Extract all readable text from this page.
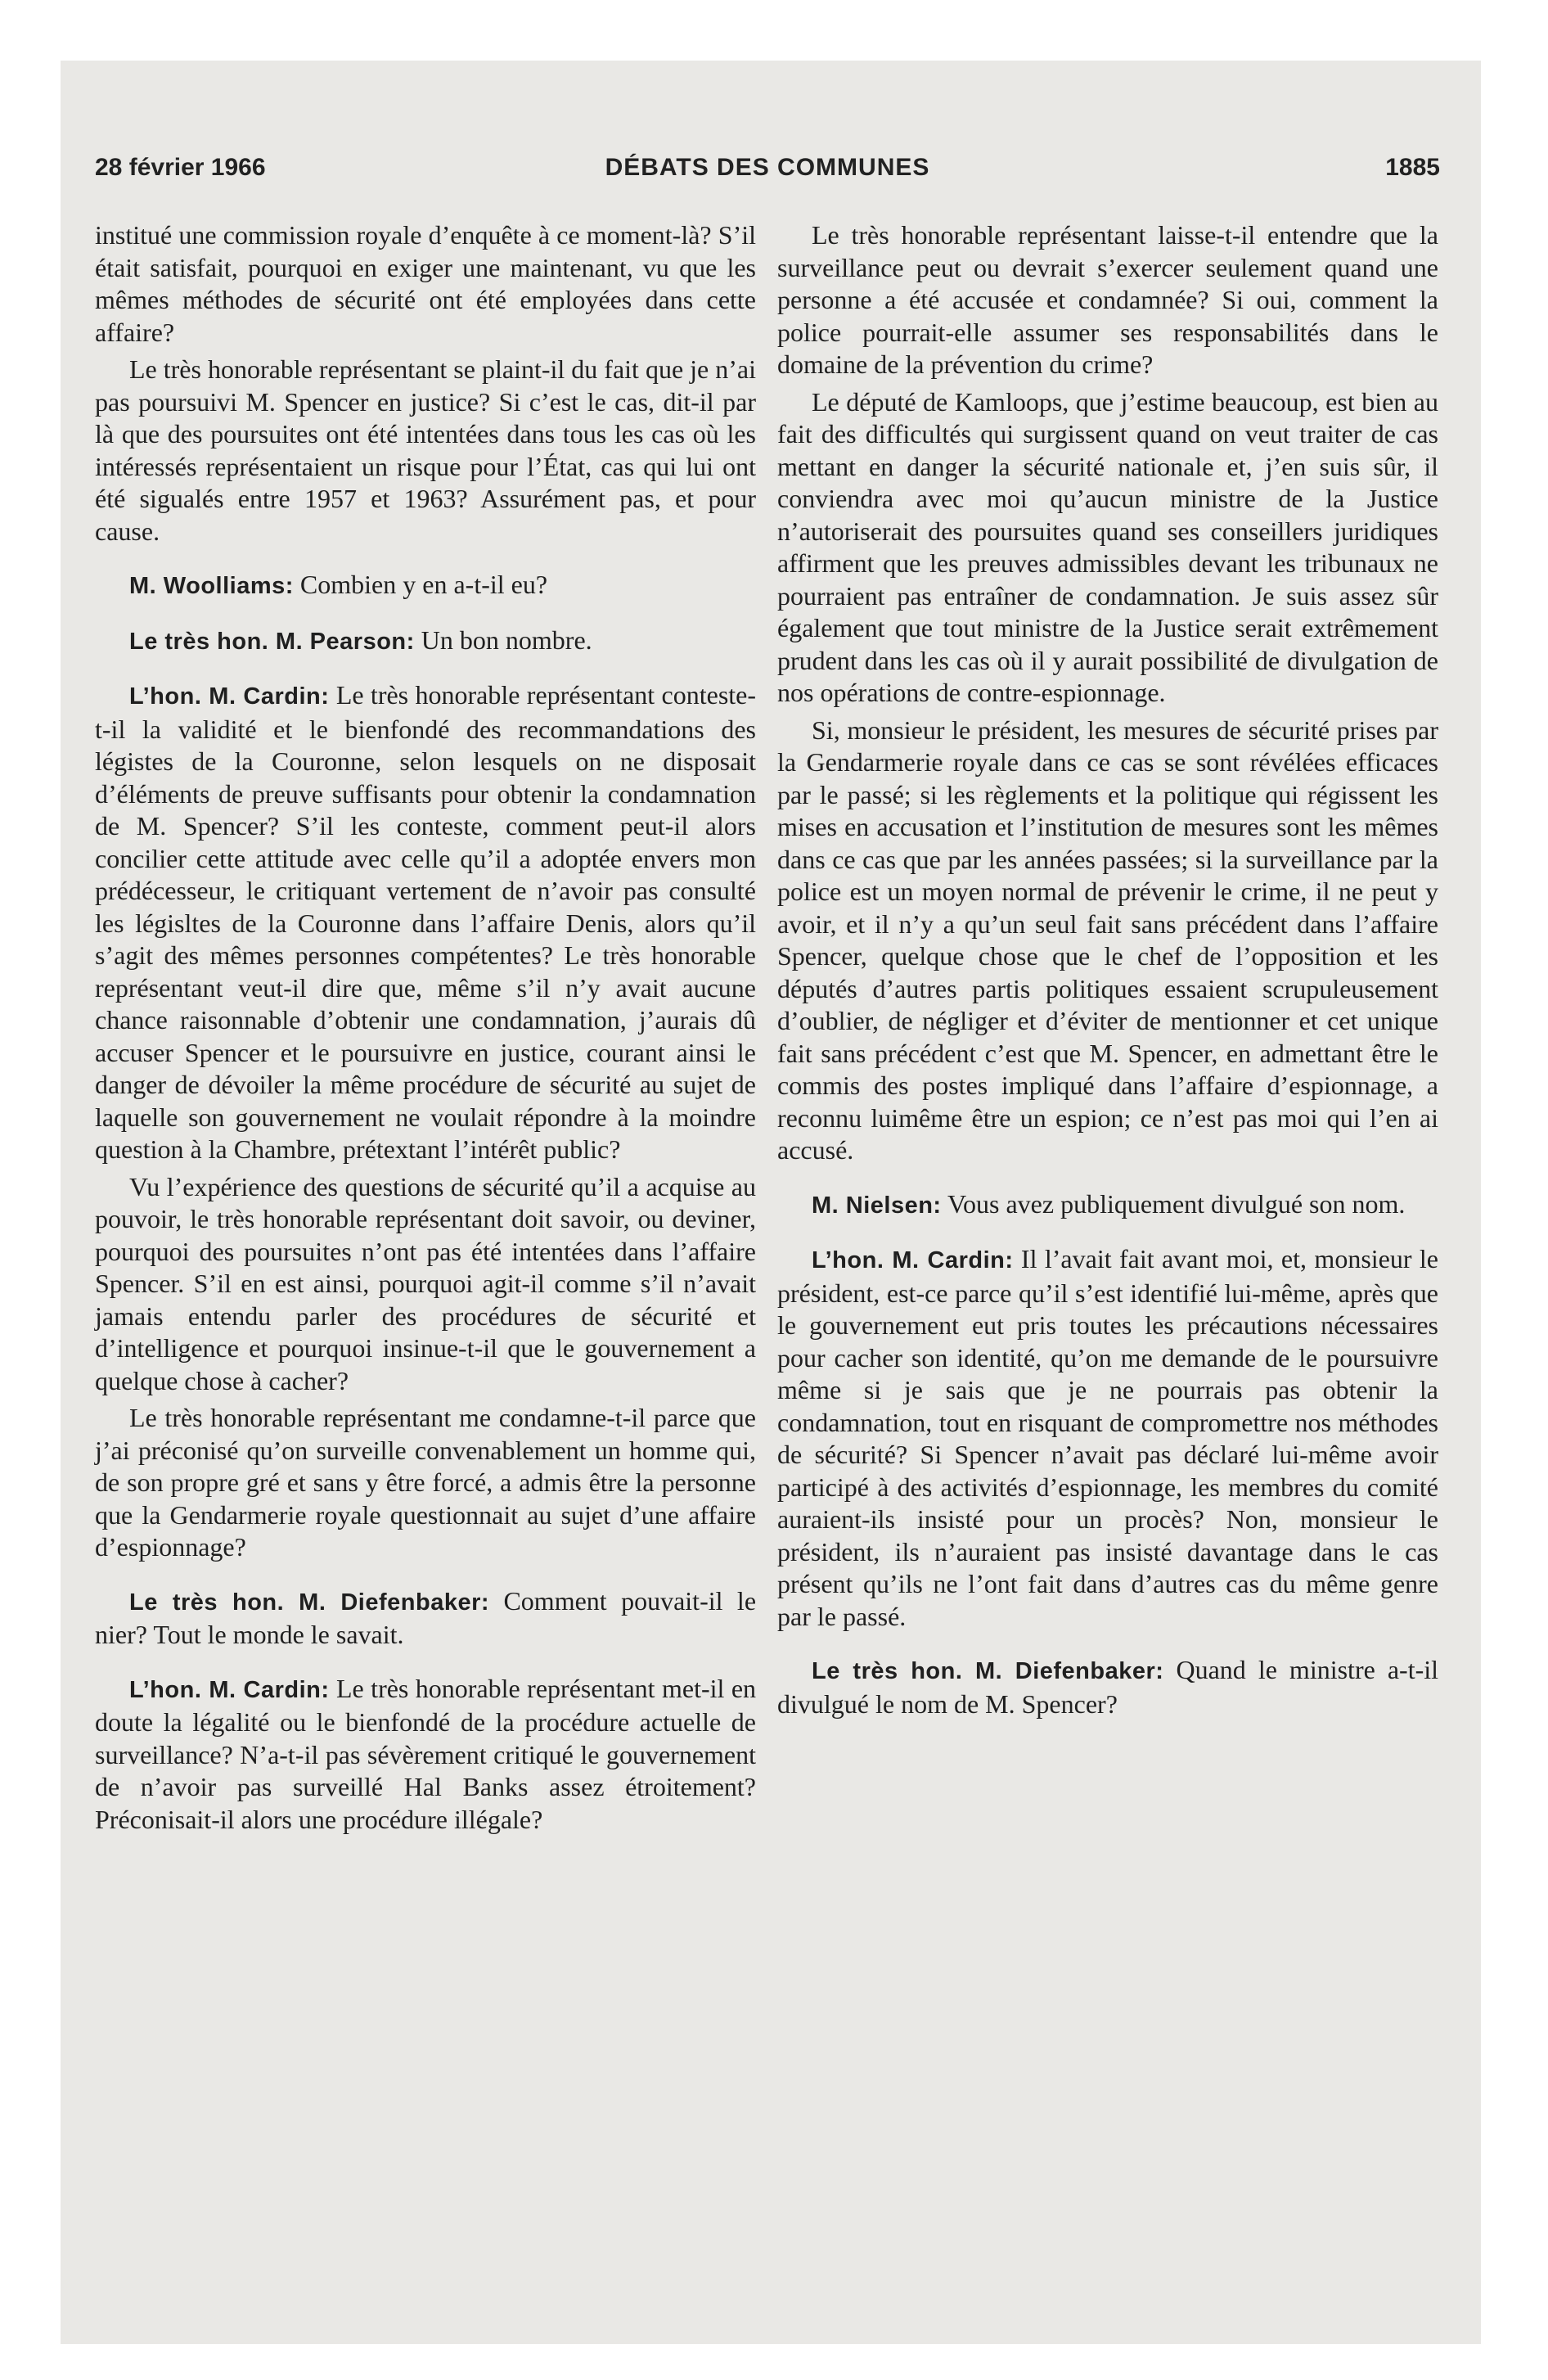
28 février 1966	DÉBATS DES COMMUNES	1885

institué une commission royale d’enquête à ce moment-là? S’il était satisfait, pourquoi en exiger une maintenant, vu que les mêmes méthodes de sécurité ont été employées dans cette affaire?

Le très honorable représentant se plaint-il du fait que je n’ai pas poursuivi M. Spencer en justice? Si c’est le cas, dit-il par là que des poursuites ont été intentées dans tous les cas où les intéressés représentaient un risque pour l’État, cas qui lui ont été sigualés entre 1957 et 1963? Assurément pas, et pour cause.

M. Woolliams: Combien y en a-t-il eu?

Le très hon. M. Pearson: Un bon nombre.

L’hon. M. Cardin: Le très honorable représentant conteste-t-il la validité et le bienfondé des recommandations des légistes de la Couronne, selon lesquels on ne disposait d’éléments de preuve suffisants pour obtenir la condamnation de M. Spencer? S’il les conteste, comment peut-il alors concilier cette attitude avec celle qu’il a adoptée envers mon prédécesseur, le critiquant vertement de n’avoir pas consulté les législtes de la Couronne dans l’affaire Denis, alors qu’il s’agit des mêmes personnes compétentes? Le très honorable représentant veut-il dire que, même s’il n’y avait aucune chance raisonnable d’obtenir une condamnation, j’aurais dû accuser Spencer et le poursuivre en justice, courant ainsi le danger de dévoiler la même procédure de sécurité au sujet de laquelle son gouvernement ne voulait répondre à la moindre question à la Chambre, prétextant l’intérêt public?

Vu l’expérience des questions de sécurité qu’il a acquise au pouvoir, le très honorable représentant doit savoir, ou deviner, pourquoi des poursuites n’ont pas été intentées dans l’affaire Spencer. S’il en est ainsi, pourquoi agit-il comme s’il n’avait jamais entendu parler des procédures de sécurité et d’intelligence et pourquoi insinue-t-il que le gouvernement a quelque chose à cacher?

Le très honorable représentant me condamne-t-il parce que j’ai préconisé qu’on surveille convenablement un homme qui, de son propre gré et sans y être forcé, a admis être la personne que la Gendarmerie royale questionnait au sujet d’une affaire d’espionnage?

Le très hon. M. Diefenbaker: Comment pouvait-il le nier? Tout le monde le savait.

L’hon. M. Cardin: Le très honorable représentant met-il en doute la légalité ou le bienfondé de la procédure actuelle de surveillance? N’a-t-il pas sévèrement critiqué le gouvernement de n’avoir pas surveillé Hal Banks assez étroitement? Préconisait-il alors une procédure illégale?

Le très honorable représentant laisse-t-il entendre que la surveillance peut ou devrait s’exercer seulement quand une personne a été accusée et condamnée? Si oui, comment la police pourrait-elle assumer ses responsabilités dans le domaine de la prévention du crime?

Le député de Kamloops, que j’estime beaucoup, est bien au fait des difficultés qui surgissent quand on veut traiter de cas mettant en danger la sécurité nationale et, j’en suis sûr, il conviendra avec moi qu’aucun ministre de la Justice n’autoriserait des poursuites quand ses conseillers juridiques affirment que les preuves admissibles devant les tribunaux ne pourraient pas entraîner de condamnation. Je suis assez sûr également que tout ministre de la Justice serait extrêmement prudent dans les cas où il y aurait possibilité de divulgation de nos opérations de contre-espionnage.

Si, monsieur le président, les mesures de sécurité prises par la Gendarmerie royale dans ce cas se sont révélées efficaces par le passé; si les règlements et la politique qui régissent les mises en accusation et l’institution de mesures sont les mêmes dans ce cas que par les années passées; si la surveillance par la police est un moyen normal de prévenir le crime, il ne peut y avoir, et il n’y a qu’un seul fait sans précédent dans l’affaire Spencer, quelque chose que le chef de l’opposition et les députés d’autres partis politiques essaient scrupuleusement d’oublier, de négliger et d’éviter de mentionner et cet unique fait sans précédent c’est que M. Spencer, en admettant être le commis des postes impliqué dans l’affaire d’espionnage, a reconnu luimême être un espion; ce n’est pas moi qui l’en ai accusé.

M. Nielsen: Vous avez publiquement divulgué son nom.

L’hon. M. Cardin: Il l’avait fait avant moi, et, monsieur le président, est-ce parce qu’il s’est identifié lui-même, après que le gouvernement eut pris toutes les précautions nécessaires pour cacher son identité, qu’on me demande de le poursuivre même si je sais que je ne pourrais pas obtenir la condamnation, tout en risquant de compromettre nos méthodes de sécurité? Si Spencer n’avait pas déclaré lui-même avoir participé à des activités d’espionnage, les membres du comité auraient-ils insisté pour un procès? Non, monsieur le président, ils n’auraient pas insisté davantage dans le cas présent qu’ils ne l’ont fait dans d’autres cas du même genre par le passé.

Le très hon. M. Diefenbaker: Quand le ministre a-t-il divulgué le nom de M. Spencer?
